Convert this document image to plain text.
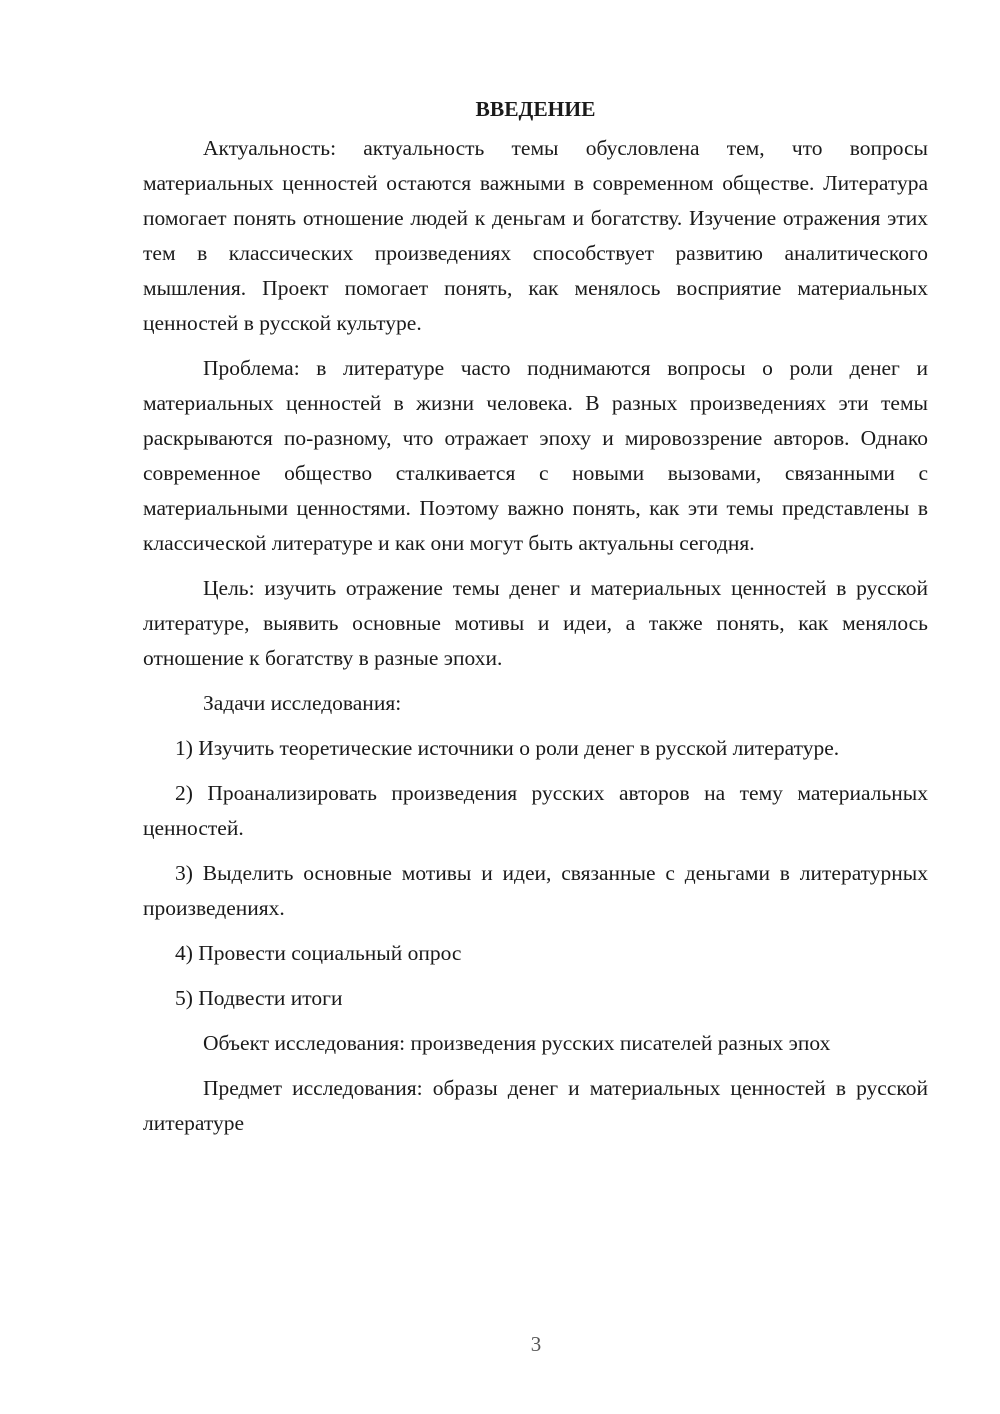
ВВЕДЕНИЕ

Актуальность: актуальность темы обусловлена тем, что вопросы материальных ценностей остаются важными в современном обществе. Литература помогает понять отношение людей к деньгам и богатству. Изучение отражения этих тем в классических произведениях способствует развитию аналитического мышления. Проект помогает понять, как менялось восприятие материальных ценностей в русской культуре.

Проблема: в литературе часто поднимаются вопросы о роли денег и материальных ценностей в жизни человека. В разных произведениях эти темы раскрываются по-разному, что отражает эпоху и мировоззрение авторов. Однако современное общество сталкивается с новыми вызовами, связанными с материальными ценностями. Поэтому важно понять, как эти темы представлены в классической литературе и как они могут быть актуальны сегодня.

Цель: изучить отражение темы денег и материальных ценностей в русской литературе, выявить основные мотивы и идеи, а также понять, как менялось отношение к богатству в разные эпохи.

Задачи исследования:

1) Изучить теоретические источники о роли денег в русской литературе.

2) Проанализировать произведения русских авторов на тему материальных ценностей.

3) Выделить основные мотивы и идеи, связанные с деньгами в литературных произведениях.

4) Провести социальный опрос

5) Подвести итоги

Объект исследования: произведения русских писателей разных эпох

Предмет исследования: образы денег и материальных ценностей в русской литературе

3
